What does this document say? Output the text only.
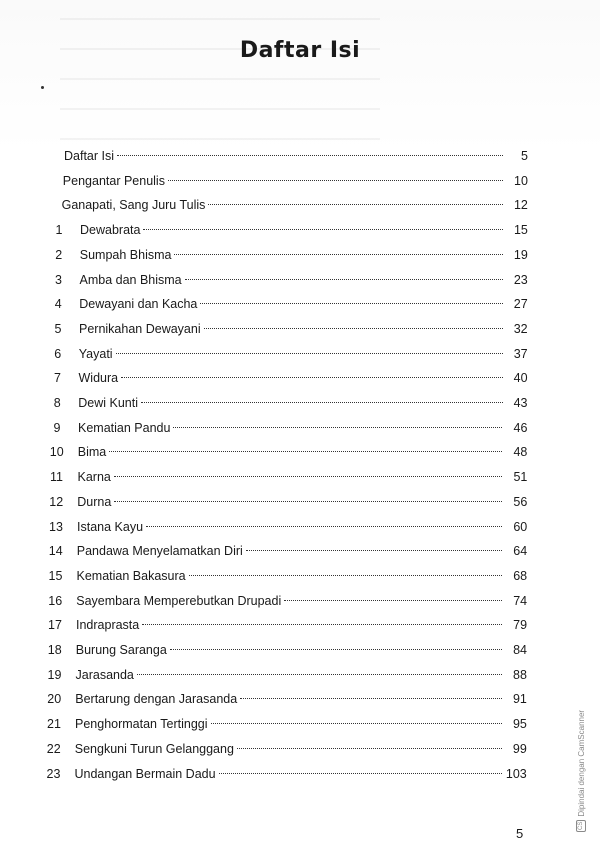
Daftar Isi
Daftar Isi	5
Pengantar Penulis	10
Ganapati, Sang Juru Tulis	12
1	Dewabrata	15
2	Sumpah Bhisma	19
3	Amba dan Bhisma	23
4	Dewayani dan Kacha	27
5	Pernikahan Dewayani	32
6	Yayati	37
7	Widura	40
8	Dewi Kunti	43
9	Kematian Pandu	46
10	Bima	48
11	Karna	51
12	Durna	56
13	Istana Kayu	60
14	Pandawa Menyelamatkan Diri	64
15	Kematian Bakasura	68
16	Sayembara Memperebutkan Drupadi	74
17	Indraprasta	79
18	Burung Saranga	84
19	Jarasanda	88
20	Bertarung dengan Jarasanda	91
21	Penghormatan Tertinggi	95
22	Sengkuni Turun Gelanggang	99
23	Undangan Bermain Dadu	103
5
CS
Dipindai dengan CamScanner
